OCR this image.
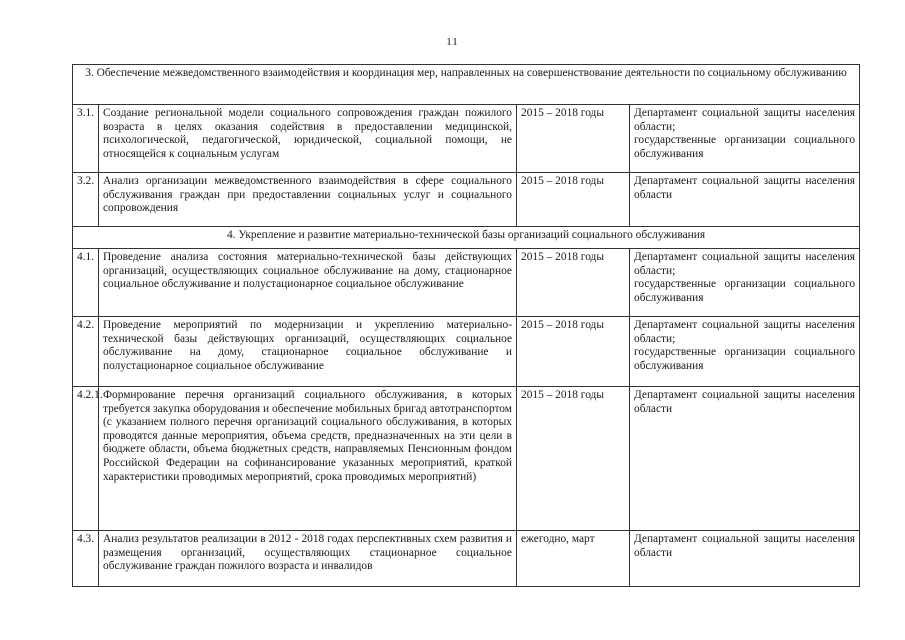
11
3. Обеспечение межведомственного взаимодействия и координация мер, направленных на совершенствование деятельности по социальному обслуживанию			
3.1.	Создание региональной модели социального сопровождения граждан пожилого возраста в целях оказания содействия в предоставлении медицинской, психологической, педагогической, юридической, социальной помощи, не относящейся к социальным услугам	2015 – 2018 годы	Департамент социальной защиты населения области;
государственные организации социального обслуживания

3.2.	Анализ организации межведомственного взаимодействия в сфере социального обслуживания граждан при предоставлении социальных услуг и социального сопровождения	2015 – 2018 годы	Департамент социальной защиты населения области

4. Укрепление и развитие материально-технической базы организаций социального обслуживания			
4.1.	Проведение анализа состояния материально-технической базы действующих организаций, осуществляющих социальное обслуживание на дому, стационарное социальное обслуживание и полустационарное социальное обслуживание	2015 – 2018 годы	Департамент социальной защиты населения области;
государственные организации социального обслуживания

4.2.	Проведение мероприятий по модернизации и укреплению материально-технической базы действующих организаций, осуществляющих социальное обслуживание на дому, стационарное социальное обслуживание и полустационарное социальное обслуживание	2015 – 2018 годы	Департамент социальной защиты населения области;
государственные организации социального обслуживания

4.2.1.	Формирование перечня организаций социального обслуживания, в которых требуется закупка оборудования и обеспечение мобильных бригад автотранспортом (с указанием полного перечня организаций социального обслуживания, в которых проводятся данные мероприятия, объема средств, предназначенных на эти цели в бюджете области, объема бюджетных средств, направляемых Пенсионным фондом Российской Федерации на софинансирование указанных мероприятий, краткой характеристики проводимых мероприятий, срока проводимых мероприятий)	2015 – 2018 годы	Департамент социальной защиты населения области

4.3.	Анализ результатов реализации в 2012 - 2018 годах перспективных схем развития и размещения организаций, осуществляющих стационарное социальное обслуживание граждан пожилого возраста и инвалидов	ежегодно, март	Департамент социальной защиты населения области
